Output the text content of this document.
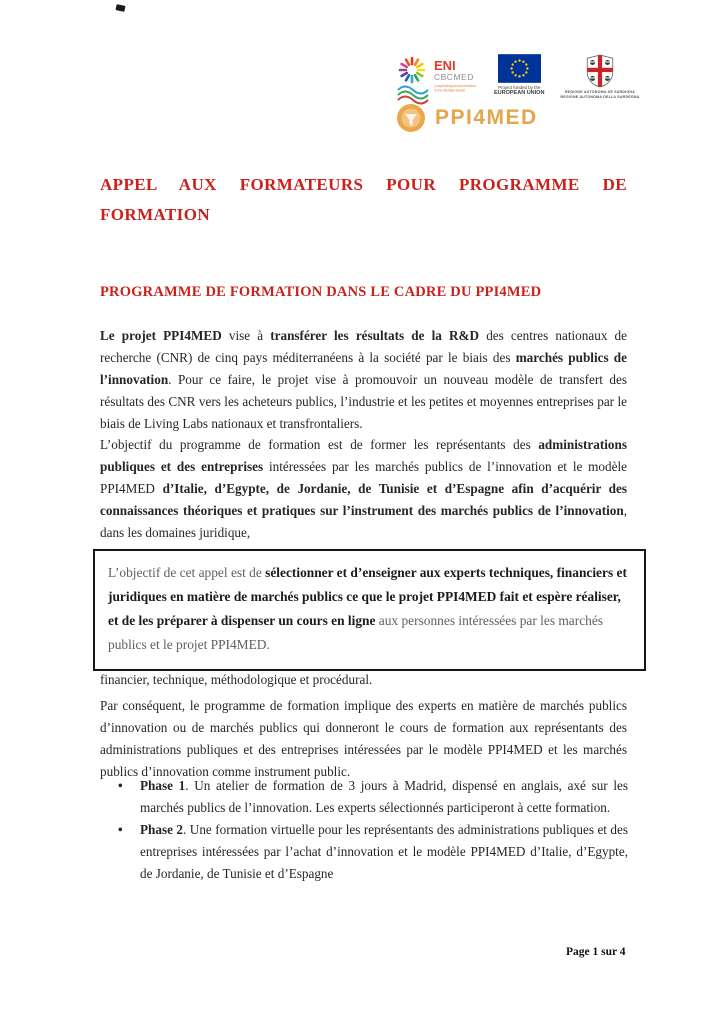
ENI
CBCMED
Cooperating across borders
in the Mediterranean
Project funded by the
EUROPEAN UNION	REGIONE AUTONOMA DE SARDIGNA
REGIONE AUTONOMA DELLA SARDEGNA
PPI4MED
APPEL AUX FORMATEURS POUR PROGRAMME DE
FORMATION
PROGRAMME DE FORMATION DANS LE CADRE DU PPI4MED

Le projet PPI4MED vise à transférer les résultats de la R&D des centres nationaux de recherche (CNR) de cinq pays méditerranéens à la société par le biais des marchés publics de l’innovation. Pour ce faire, le projet vise à promouvoir un nouveau modèle de transfert des résultats des CNR vers les acheteurs publics, l’industrie et les petites et moyennes entreprises par le biais de Living Labs nationaux et transfrontaliers.

L’objectif du programme de formation est de former les représentants des administrations publiques et des entreprises intéressées par les marchés publics de l’innovation et le modèle PPI4MED d’Italie, d’Egypte, de Jordanie, de Tunisie et d’Espagne afin d’acquérir des connaissances théoriques et pratiques sur l’instrument des marchés publics de l’innovation, dans les domaines juridique,

L’objectif de cet appel est de sélectionner et d’enseigner aux experts techniques, financiers et juridiques en matière de marchés publics ce que le projet PPI4MED fait et espère réaliser, et de les préparer à dispenser un cours en ligne aux personnes intéressées par les marchés publics et le projet PPI4MED.

financier, technique, méthodologique et procédural.

Par conséquent, le programme de formation implique des experts en matière de marchés publics d’innovation ou de marchés publics qui donneront le cours de formation aux représentants des administrations publiques et des entreprises intéressées par le modèle PPI4MED et les marchés publics d’innovation comme instrument public.

•	Phase 1. Un atelier de formation de 3 jours à Madrid, dispensé en anglais, axé sur les marchés publics de l’innovation. Les experts sélectionnés participeront à cette formation.
•	Phase 2. Une formation virtuelle pour les représentants des administrations publiques et des entreprises intéressées par l’achat d’innovation et le modèle PPI4MED d’Italie, d’Egypte, de Jordanie, de Tunisie et d’Espagne
Page 1 sur 4
